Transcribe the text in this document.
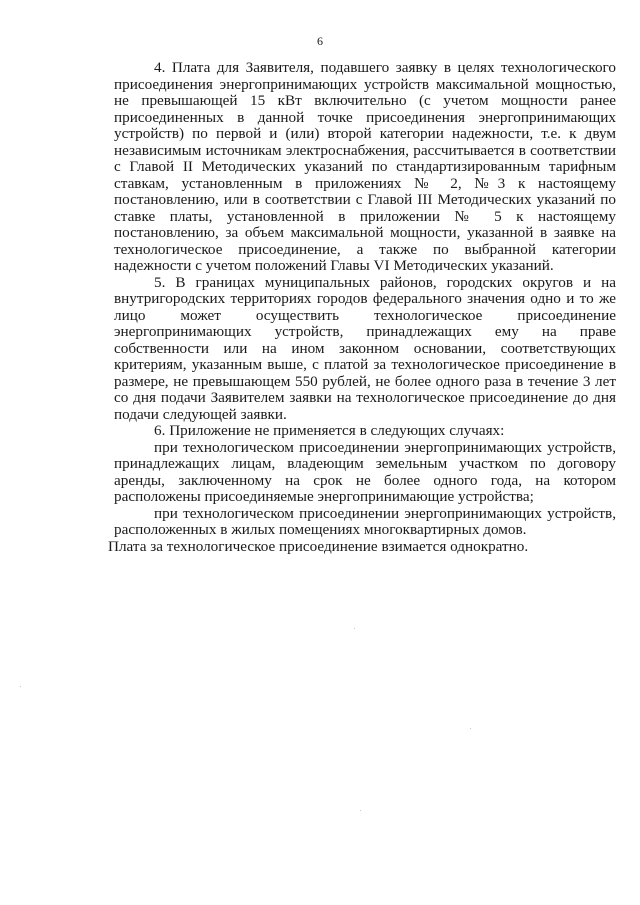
6

4. Плата для Заявителя, подавшего заявку в целях технологического присоединения энергопринимающих устройств максимальной мощностью, не превышающей 15 кВт включительно (с учетом мощности ранее присоединенных в данной точке присоединения энергопринимающих устройств) по первой и (или) второй категории надежности, т.е. к двум независимым источникам электроснабжения, рассчитывается в соответствии с Главой II Методических указаний по стандартизированным тарифным ставкам, установленным в приложениях № 2, №3 к настоящему постановлению, или в соответствии с Главой III Методических указаний по ставке платы, установленной в приложении № 5 к настоящему постановлению, за объем максимальной мощности, указанной в заявке на технологическое присоединение, а также по выбранной категории надежности с учетом положений Главы VI Методических указаний.

5. В границах муниципальных районов, городских округов и на внутригородских территориях городов федерального значения одно и то же лицо может осуществить технологическое присоединение энергопринимающих устройств, принадлежащих ему на праве собственности или на ином законном основании, соответствующих критериям, указанным выше, с платой за технологическое присоединение в размере, не превышающем 550 рублей, не более одного раза в течение 3 лет со дня подачи Заявителем заявки на технологическое присоединение до дня подачи следующей заявки.

6. Приложение не применяется в следующих случаях:

при технологическом присоединении энергопринимающих устройств, принадлежащих лицам, владеющим земельным участком по договору аренды, заключенному на срок не более одного года, на котором расположены присоединяемые энергопринимающие устройства;

при технологическом присоединении энергопринимающих устройств, расположенных в жилых помещениях многоквартирных домов.

Плата за технологическое присоединение взимается однократно.
